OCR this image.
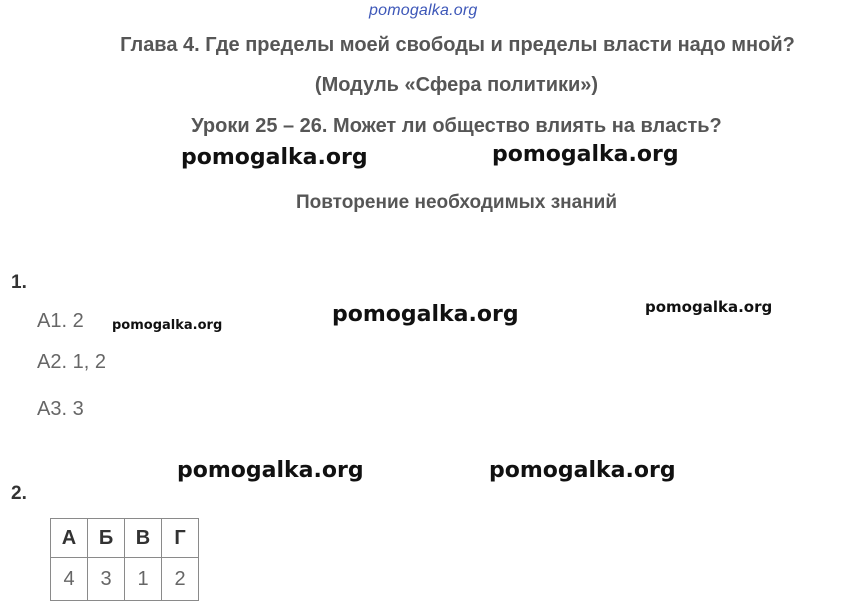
pomogalka.org
Глава 4. Где пределы моей свободы и пределы власти надо мной?
(Модуль «Сфера политики»)
Уроки 25 – 26. Может ли общество влиять на власть?
Повторение необходимых знаний
pomogalka.org	pomogalka.org
pomogalka.org
pomogalka.org
pomogalka.org
pomogalka.org	pomogalka.org
1.
А1. 2
А2. 1, 2
А3. 3
2.
А	Б	В	Г
4	3	1	2
